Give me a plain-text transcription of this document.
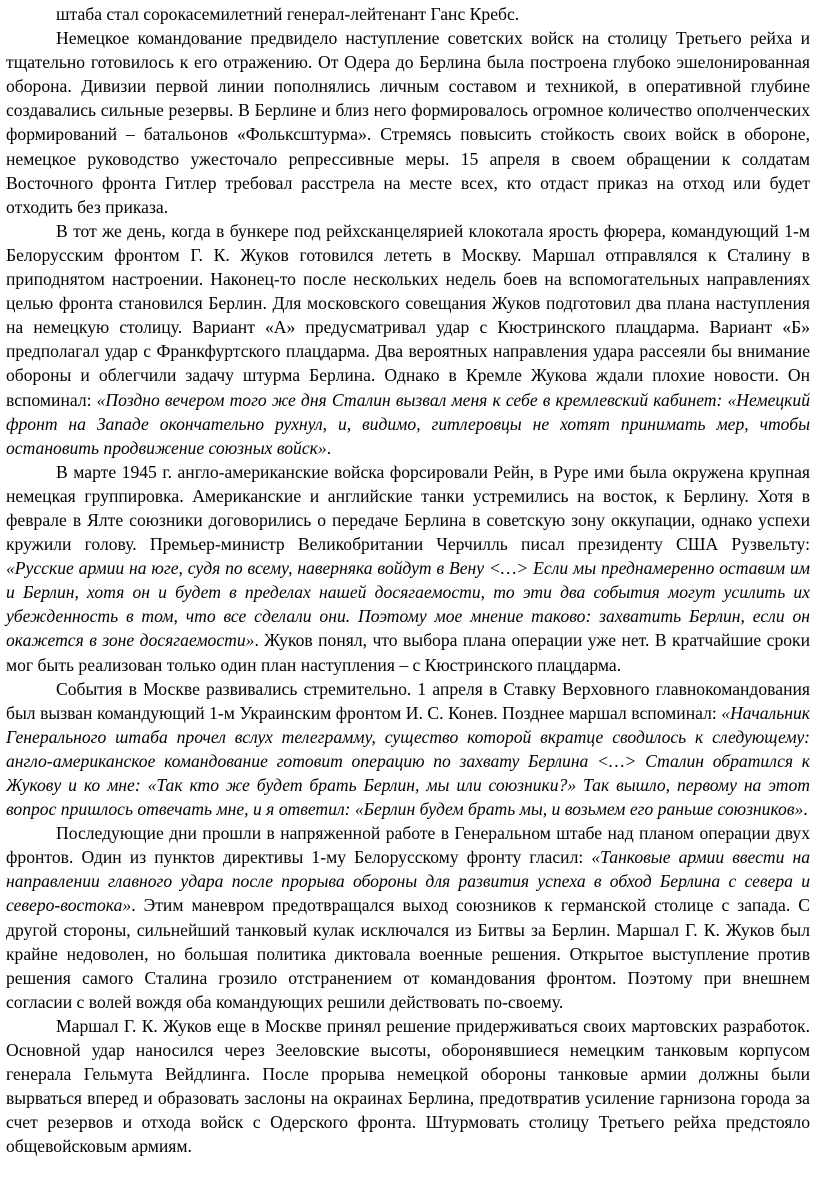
штаба стал сорокасемилетний генерал-лейтенант Ганс Кребс.

Немецкое командование предвидело наступление советских войск на столицу Третьего рейха и тщательно готовилось к его отражению. От Одера до Берлина была построена глубоко эшелонированная оборона. Дивизии первой линии пополнялись личным составом и техникой, в оперативной глубине создавались сильные резервы. В Берлине и близ него формировалось огромное количество ополченческих формирований – батальонов «Фольксштурма». Стремясь повысить стойкость своих войск в обороне, немецкое руководство ужесточало репрессивные меры. 15 апреля в своем обращении к солдатам Восточного фронта Гитлер требовал расстрела на месте всех, кто отдаст приказ на отход или будет отходить без приказа.

В тот же день, когда в бункере под рейхсканцелярией клокотала ярость фюрера, командующий 1-м Белорусским фронтом Г. К. Жуков готовился лететь в Москву. Маршал отправлялся к Сталину в приподнятом настроении. Наконец-то после нескольких недель боев на вспомогательных направлениях целью фронта становился Берлин. Для московского совещания Жуков подготовил два плана наступления на немецкую столицу. Вариант «А» предусматривал удар с Кюстринского плацдарма. Вариант «Б» предполагал удар с Франкфуртского плацдарма. Два вероятных направления удара рассеяли бы внимание обороны и облегчили задачу штурма Берлина. Однако в Кремле Жукова ждали плохие новости. Он вспоминал: «Поздно вечером того же дня Сталин вызвал меня к себе в кремлевский кабинет: «Немецкий фронт на Западе окончательно рухнул, и, видимо, гитлеровцы не хотят принимать мер, чтобы остановить продвижение союзных войск».

В марте 1945 г. англо-американские войска форсировали Рейн, в Руре ими была окружена крупная немецкая группировка. Американские и английские танки устремились на восток, к Берлину. Хотя в феврале в Ялте союзники договорились о передаче Берлина в советскую зону оккупации, однако успехи кружили голову. Премьер-министр Великобритании Черчилль писал президенту США Рузвельту: «Русские армии на юге, судя по всему, наверняка войдут в Вену <…> Если мы преднамеренно оставим им и Берлин, хотя он и будет в пределах нашей досягаемости, то эти два события могут усилить их убежденность в том, что все сделали они. Поэтому мое мнение таково: захватить Берлин, если он окажется в зоне досягаемости». Жуков понял, что выбора плана операции уже нет. В кратчайшие сроки мог быть реализован только один план наступления – с Кюстринского плацдарма.

События в Москве развивались стремительно. 1 апреля в Ставку Верховного главнокомандования был вызван командующий 1-м Украинским фронтом И. С. Конев. Позднее маршал вспоминал: «Начальник Генерального штаба прочел вслух телеграмму, существо которой вкратце сводилось к следующему: англо-американское командование готовит операцию по захвату Берлина <…> Сталин обратился к Жукову и ко мне: «Так кто же будет брать Берлин, мы или союзники?» Так вышло, первому на этот вопрос пришлось отвечать мне, и я ответил: «Берлин будем брать мы, и возьмем его раньше союзников».

Последующие дни прошли в напряженной работе в Генеральном штабе над планом операции двух фронтов. Один из пунктов директивы 1-му Белорусскому фронту гласил: «Танковые армии ввести на направлении главного удара после прорыва обороны для развития успеха в обход Берлина с севера и северо-востока». Этим маневром предотвращался выход союзников к германской столице с запада. С другой стороны, сильнейший танковый кулак исключался из Битвы за Берлин. Маршал Г. К. Жуков был крайне недоволен, но большая политика диктовала военные решения. Открытое выступление против решения самого Сталина грозило отстранением от командования фронтом. Поэтому при внешнем согласии с волей вождя оба командующих решили действовать по-своему.

Маршал Г. К. Жуков еще в Москве принял решение придерживаться своих мартовских разработок. Основной удар наносился через Зееловские высоты, оборонявшиеся немецким танковым корпусом генерала Гельмута Вейдлинга. После прорыва немецкой обороны танковые армии должны были вырваться вперед и образовать заслоны на окраинах Берлина, предотвратив усиление гарнизона города за счет резервов и отхода войск с Одерского фронта. Штурмовать столицу Третьего рейха предстояло общевойсковым армиям.
